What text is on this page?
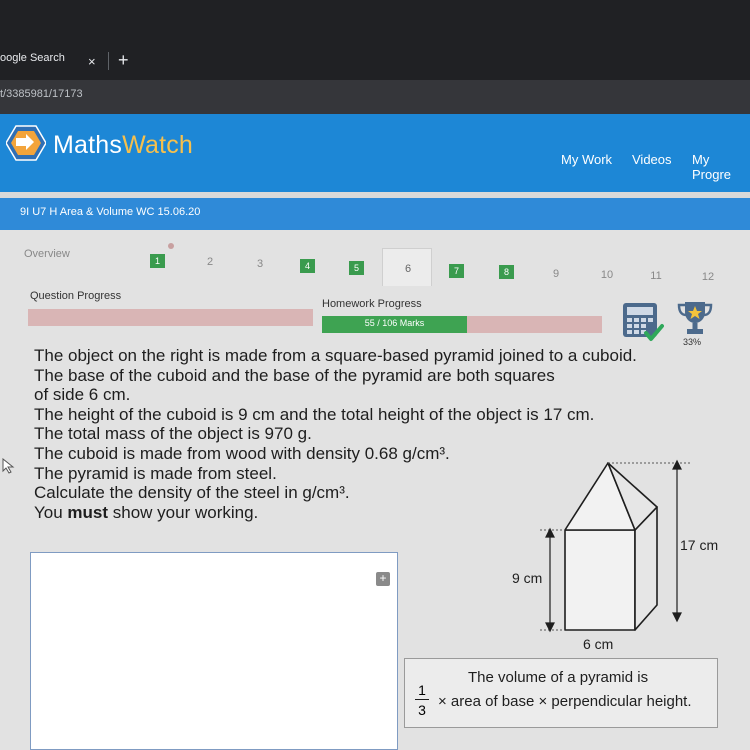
oogle Search × +
t/3385981/17173
MathsWatch
My Work Videos My Progre
9I U7 H Area & Volume WC 15.06.20
Overview
1	2	3	4	5	6	7	8	9	10	11	12
Question Progress
Homework Progress
55 / 106 Marks
33%

The object on the right is made from a square-based pyramid joined to a cuboid.

The base of the cuboid and the base of the pyramid are both squares

of side 6 cm.

The height of the cuboid is 9 cm and the total height of the object is 17 cm.

The total mass of the object is 970 g.

The cuboid is made from wood with density 0.68 g/cm³.

The pyramid is made from steel.

Calculate the density of the steel in g/cm³.

You must show your working.

+
17 cm
9 cm
6 cm
The volume of a pyramid is
1
3 × area of base × perpendicular height.
